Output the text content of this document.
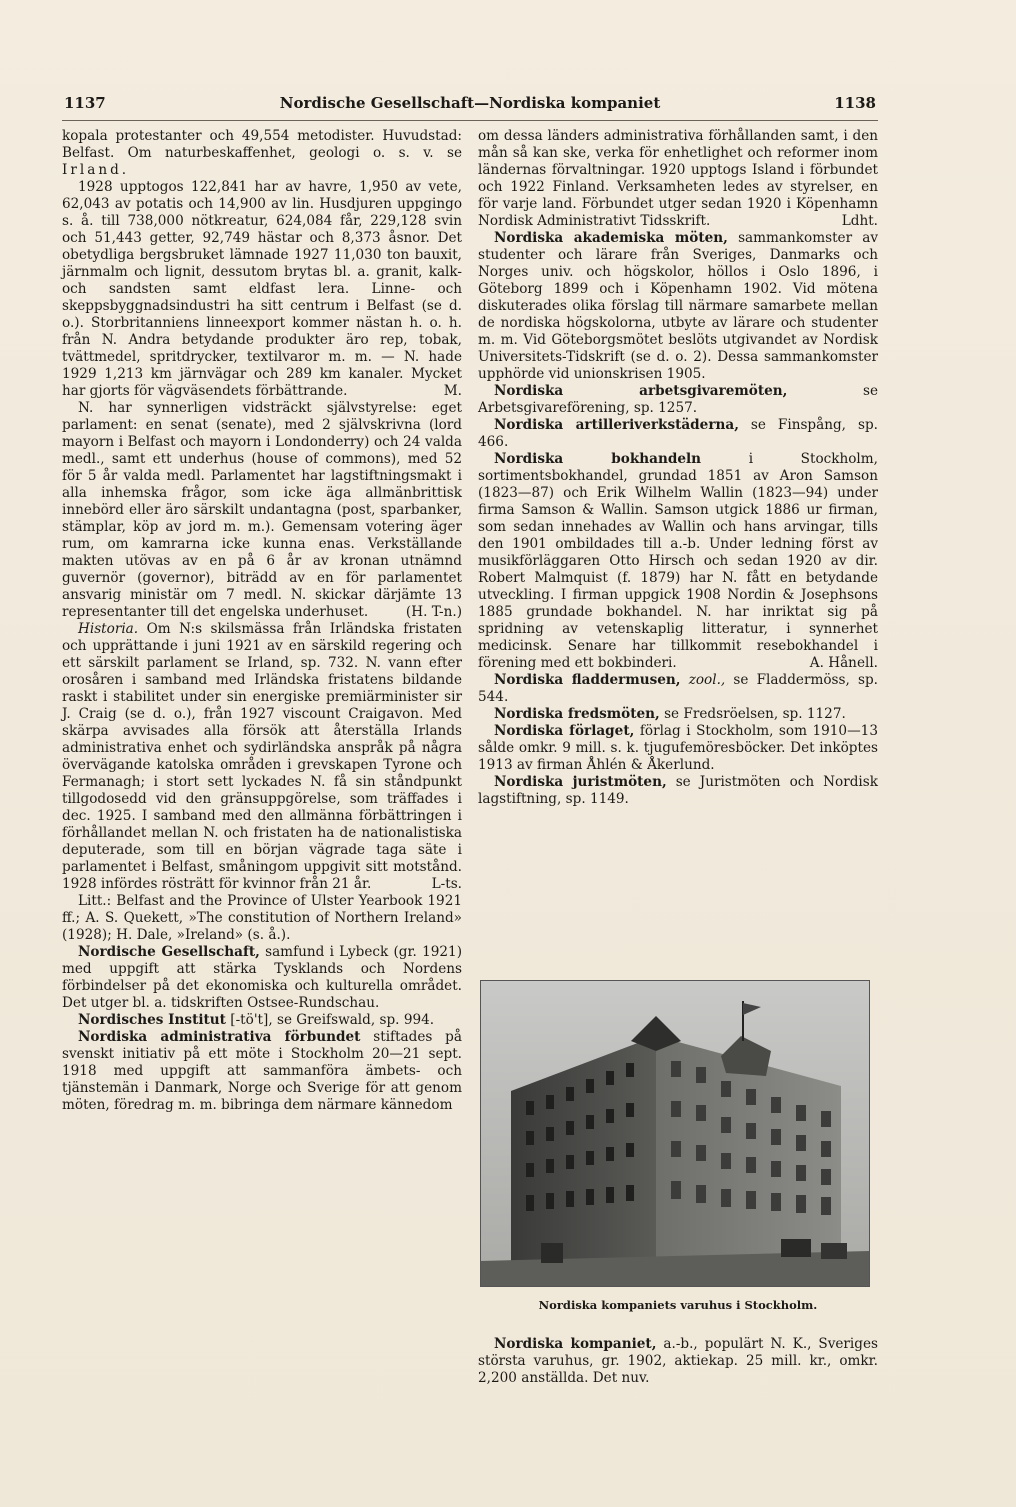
1137	Nordische Gesellschaft—Nordiska kompaniet	1138

kopala protestanter och 49,554 metodister. Huvudstad: Belfast. Om naturbeskaffenhet, geologi o. s. v. se Irland.

1928 upptogos 122,841 har av havre, 1,950 av vete, 62,043 av potatis och 14,900 av lin. Husdjuren uppgingo s. å. till 738,000 nötkreatur, 624,084 får, 229,128 svin och 51,443 getter, 92,749 hästar och 8,373 åsnor. Det obetydliga bergsbruket lämnade 1927 11,030 ton bauxit, järnmalm och lignit, dessutom brytas bl. a. granit, kalk- och sandsten samt eldfast lera. Linne- och skeppsbyggnadsindustri ha sitt centrum i Belfast (se d. o.). Storbritanniens linneexport kommer nästan h. o. h. från N. Andra betydande produkter äro rep, tobak, tvättmedel, spritdrycker, textilvaror m. m. — N. hade 1929 1,213 km järnvägar och 289 km kanaler. Mycket har gjorts för vägväsendets förbättrande.	M.

N. har synnerligen vidsträckt självstyrelse: eget parlament: en senat (senate), med 2 självskrivna (lord mayorn i Belfast och mayorn i Londonderry) och 24 valda medl., samt ett underhus (house of commons), med 52 för 5 år valda medl. Parlamentet har lagstiftningsmakt i alla inhemska frågor, som icke äga allmänbrittisk innebörd eller äro särskilt undantagna (post, sparbanker, stämplar, köp av jord m. m.). Gemensam votering äger rum, om kamrarna icke kunna enas. Verkställande makten utövas av en på 6 år av kronan utnämnd guvernör (governor), biträdd av en för parlamentet ansvarig ministär om 7 medl. N. skickar därjämte 13 representanter till det engelska underhuset.	(H. T-n.)

Historia. Om N:s skilsmässa från Irländska fristaten och upprättande i juni 1921 av en särskild regering och ett särskilt parlament se Irland, sp. 732. N. vann efter orosåren i samband med Irländska fristatens bildande raskt i stabilitet under sin energiske premiärminister sir J. Craig (se d. o.), från 1927 viscount Craigavon. Med skärpa avvisades alla försök att återställa Irlands administrativa enhet och sydirländska anspråk på några övervägande katolska områden i grevskapen Tyrone och Fermanagh; i stort sett lyckades N. få sin ståndpunkt tillgodosedd vid den gränsuppgörelse, som träffades i dec. 1925. I samband med den allmänna förbättringen i förhållandet mellan N. och fristaten ha de nationalistiska deputerade, som till en början vägrade taga säte i parlamentet i Belfast, småningom uppgivit sitt motstånd. 1928 infördes rösträtt för kvinnor från 21 år.	L-ts.

Litt.: Belfast and the Province of Ulster Yearbook 1921 ff.; A. S. Quekett, »The constitution of Northern Ireland» (1928); H. Dale, »Ireland» (s. å.).

Nordische Gesellschaft, samfund i Lybeck (gr. 1921) med uppgift att stärka Tysklands och Nordens förbindelser på det ekonomiska och kulturella området. Det utger bl. a. tidskriften Ostsee-Rundschau.

Nordisches Institut [-tö't], se Greifswald, sp. 994.

Nordiska administrativa förbundet stiftades på svenskt initiativ på ett möte i Stockholm 20—21 sept. 1918 med uppgift att sammanföra ämbets- och tjänstemän i Danmark, Norge och Sverige för att genom möten, föredrag m. m. bibringa dem närmare kännedom

om dessa länders administrativa förhållanden samt, i den mån så kan ske, verka för enhetlighet och reformer inom ländernas förvaltningar. 1920 upptogs Island i förbundet och 1922 Finland. Verksamheten ledes av styrelser, en för varje land. Förbundet utger sedan 1920 i Köpenhamn Nordisk Administrativt Tidsskrift.	Ldht.

Nordiska akademiska möten, sammankomster av studenter och lärare från Sveriges, Danmarks och Norges univ. och högskolor, höllos i Oslo 1896, i Göteborg 1899 och i Köpenhamn 1902. Vid mötena diskuterades olika förslag till närmare samarbete mellan de nordiska högskolorna, utbyte av lärare och studenter m. m. Vid Göteborgsmötet beslöts utgivandet av Nordisk Universitets-Tidskrift (se d. o. 2). Dessa sammankomster upphörde vid unionskrisen 1905.

Nordiska arbetsgivaremöten,	se Arbetsgivareförening, sp. 1257.

Nordiska artilleriverkstäderna, se Finspång, sp. 466.

Nordiska bokhandeln	i Stockholm, sortimentsbokhandel, grundad 1851 av Aron Samson (1823—87) och Erik Wilhelm Wallin (1823—94) under firma Samson & Wallin. Samson utgick 1886 ur firman, som sedan innehades av Wallin och hans arvingar, tills den 1901 ombildades till a.-b. Under ledning först av musikförläggaren Otto Hirsch och sedan 1920 av dir. Robert Malmquist (f. 1879) har N. fått en betydande utveckling. I firman uppgick 1908 Nordin & Josephsons 1885 grundade bokhandel. N. har inriktat sig på spridning av vetenskaplig litteratur, i synnerhet medicinsk. Senare har tillkommit resebokhandel i förening med ett bokbinderi.	A. Hånell.

Nordiska fladdermusen, zool., se Fladdermöss, sp. 544.

Nordiska fredsmöten, se Fredsröelsen, sp. 1127.

Nordiska förlaget, förlag i Stockholm, som 1910—13 sålde omkr. 9 mill. s. k. tjugufemöresböcker. Det inköptes 1913 av firman Åhlén & Åkerlund.

Nordiska juristmöten, se Juristmöten och Nordisk lagstiftning, sp. 1149.

Nordiska kompaniets varuhus i Stockholm.

Nordiska kompaniet, a.-b., populärt N. K., Sveriges största varuhus, gr. 1902, aktiekap. 25 mill. kr., omkr. 2,200 anställda. Det nuv.
